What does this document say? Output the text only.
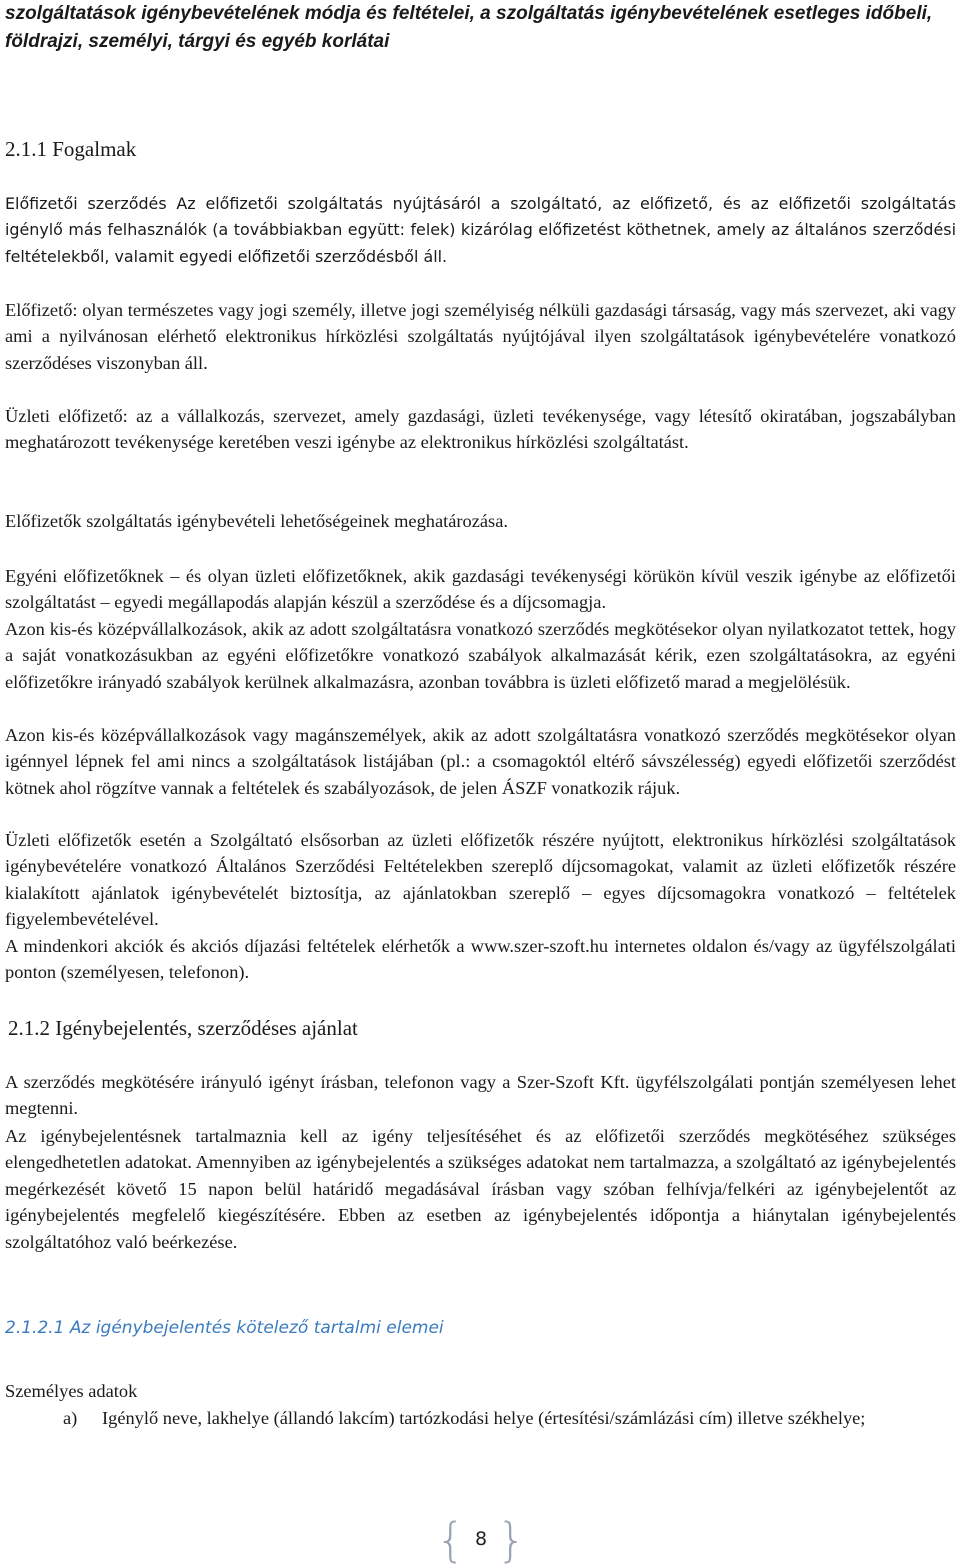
szolgáltatások igénybevételének módja és feltételei, a szolgáltatás igénybevételének esetleges időbeli, földrajzi, személyi, tárgyi és egyéb korlátai

2.1.1 Fogalmak

Előfizetői szerződés Az előfizetői szolgáltatás nyújtásáról a szolgáltató, az előfizető, és az előfizetői szolgáltatás igénylő más felhasználók (a továbbiakban együtt: felek) kizárólag előfizetést köthetnek, amely az általános szerződési feltételekből, valamit egyedi előfizetői szerződésből áll.

Előfizető: olyan természetes vagy jogi személy, illetve jogi személyiség nélküli gazdasági társaság, vagy más szervezet, aki vagy ami a nyilvánosan elérhető elektronikus hírközlési szolgáltatás nyújtójával ilyen szolgáltatások igénybevételére vonatkozó szerződéses viszonyban áll.

Üzleti előfizető: az a vállalkozás, szervezet, amely gazdasági, üzleti tevékenysége, vagy létesítő okiratában, jogszabályban meghatározott tevékenysége keretében veszi igénybe az elektronikus hírközlési szolgáltatást.

Előfizetők szolgáltatás igénybevételi lehetőségeinek meghatározása.

Egyéni előfizetőknek – és olyan üzleti előfizetőknek, akik gazdasági tevékenységi körükön kívül veszik igénybe az előfizetői szolgáltatást – egyedi megállapodás alapján készül a szerződése és a díjcsomagja.

Azon kis-és középvállalkozások, akik az adott szolgáltatásra vonatkozó szerződés megkötésekor olyan nyilatkozatot tettek, hogy a saját vonatkozásukban az egyéni előfizetőkre vonatkozó szabályok alkalmazását kérik, ezen szolgáltatásokra, az egyéni előfizetőkre irányadó szabályok kerülnek alkalmazásra, azonban továbbra is üzleti előfizető marad a megjelölésük.

Azon kis-és középvállalkozások vagy magánszemélyek, akik az adott szolgáltatásra vonatkozó szerződés megkötésekor olyan igénnyel lépnek fel ami nincs a szolgáltatások listájában (pl.: a csomagoktól eltérő sávszélesség) egyedi előfizetői szerződést kötnek ahol rögzítve vannak a feltételek és szabályozások, de jelen ÁSZF vonatkozik rájuk.

Üzleti előfizetők esetén a Szolgáltató elsősorban az üzleti előfizetők részére nyújtott, elektronikus hírközlési szolgáltatások igénybevételére vonatkozó Általános Szerződési Feltételekben szereplő díjcsomagokat, valamit az üzleti előfizetők részére kialakított ajánlatok igénybevételét biztosítja, az ajánlatokban szereplő – egyes díjcsomagokra vonatkozó – feltételek figyelembevételével.

A mindenkori akciók és akciós díjazási feltételek elérhetők a www.szer-szoft.hu internetes oldalon és/vagy az ügyfélszolgálati ponton (személyesen, telefonon).

2.1.2 Igénybejelentés, szerződéses ajánlat

A szerződés megkötésére irányuló igényt írásban, telefonon vagy a Szer-Szoft Kft. ügyfélszolgálati pontján személyesen lehet megtenni.

Az igénybejelentésnek tartalmaznia kell az igény teljesítéséhet és az előfizetői szerződés megkötéséhez szükséges elengedhetetlen adatokat. Amennyiben az igénybejelentés a szükséges adatokat nem tartalmazza, a szolgáltató az igénybejelentés megérkezését követő 15 napon belül határidő megadásával írásban vagy szóban felhívja/felkéri az igénybejelentőt az igénybejelentés megfelelő kiegészítésére. Ebben az esetben az igénybejelentés időpontja a hiánytalan igénybejelentés szolgáltatóhoz való beérkezése.

2.1.2.1 Az igénybejelentés kötelező tartalmi elemei

Személyes adatok

a) Igénylő neve, lakhelye (állandó lakcím) tartózkodási helye (értesítési/számlázási cím) illetve székhelye;
{ 8 }
